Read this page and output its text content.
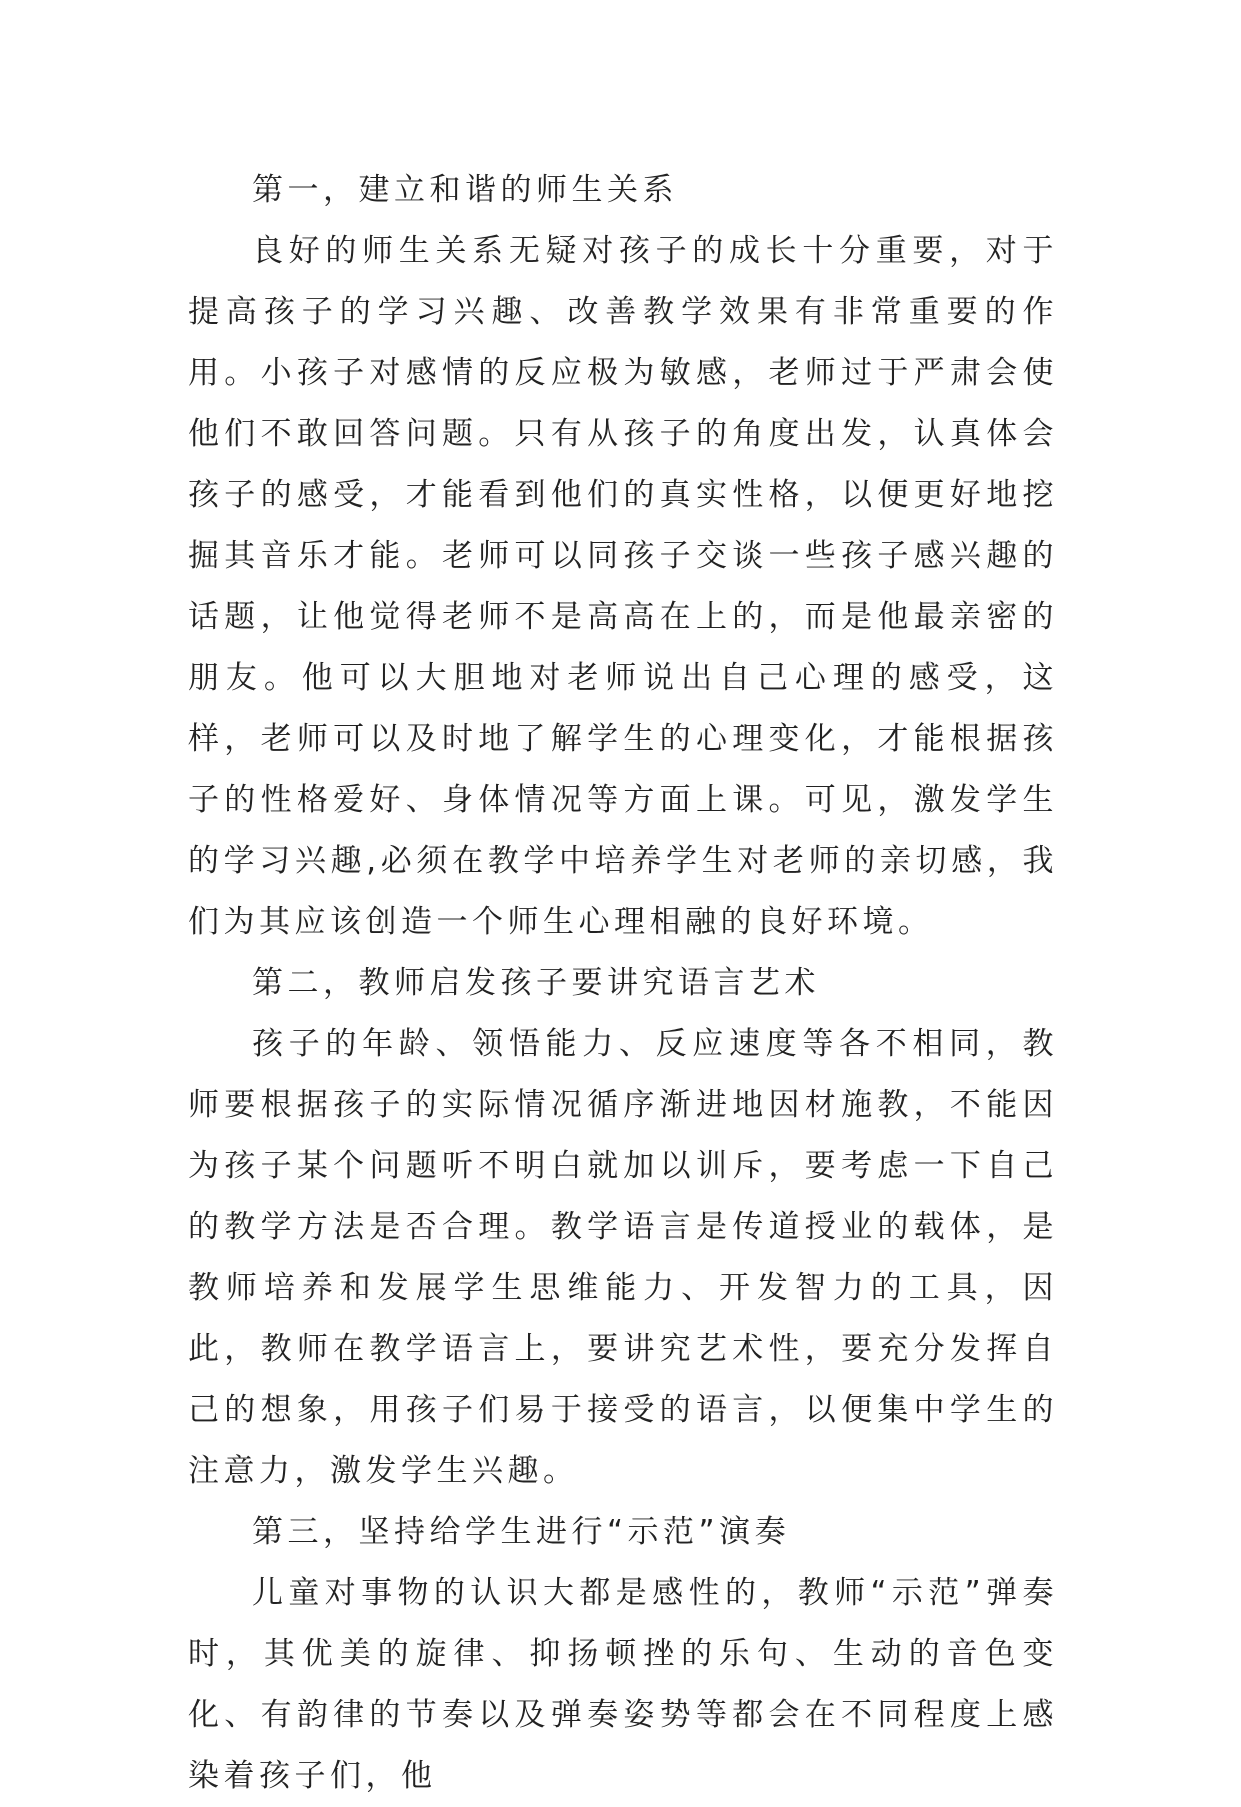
第一，建立和谐的师生关系
良好的师生关系无疑对孩子的成长十分重要，对于提高孩子的学习兴趣、改善教学效果有非常重要的作用。小孩子对感情的反应极为敏感，老师过于严肃会使他们不敢回答问题。只有从孩子的角度出发，认真体会孩子的感受，才能看到他们的真实性格，以便更好地挖掘其音乐才能。老师可以同孩子交谈一些孩子感兴趣的话题，让他觉得老师不是高高在上的，而是他最亲密的朋友。他可以大胆地对老师说出自己心理的感受，这样，老师可以及时地了解学生的心理变化，才能根据孩子的性格爱好、身体情况等方面上课。可见，激发学生的学习兴趣,必须在教学中培养学生对老师的亲切感，我们为其应该创造一个师生心理相融的良好环境。
第二，教师启发孩子要讲究语言艺术
孩子的年龄、领悟能力、反应速度等各不相同，教师要根据孩子的实际情况循序渐进地因材施教，不能因为孩子某个问题听不明白就加以训斥，要考虑一下自己的教学方法是否合理。教学语言是传道授业的载体，是教师培养和发展学生思维能力、开发智力的工具，因此，教师在教学语言上，要讲究艺术性，要充分发挥自己的想象，用孩子们易于接受的语言，以便集中学生的注意力，激发学生兴趣。
第三，坚持给学生进行“示范”演奏
儿童对事物的认识大都是感性的，教师“示范”弹奏时，其优美的旋律、抑扬顿挫的乐句、生动的音色变化、有韵律的节奏以及弹奏姿势等都会在不同程度上感染着孩子们，他
